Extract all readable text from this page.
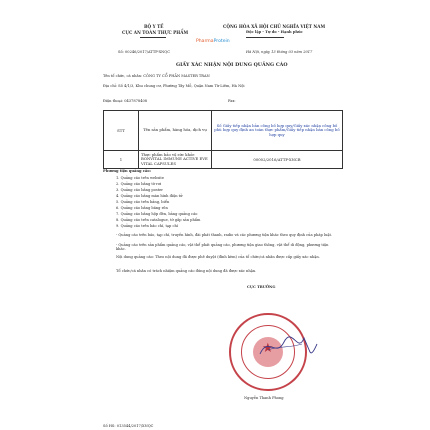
BỘ Y TẾ
CỤC AN TOÀN THỰC PHẨM
CỘNG HÒA XÃ HỘI CHỦ NGHĨA VIỆT NAM
Độc lập - Tự do - Hạnh phúc
PharmaProtein
Số: 00246/2017/ATTP-XNQC	Hà Nội, ngày 13 tháng 03 năm 2017
GIẤY XÁC NHẬN NỘI DUNG QUẢNG CÁO
Tên tổ chức, cá nhân: CÔNG TY CỔ PHẦN MASTER TRAN
Địa chỉ: Số 4/1/3, Khu chung cư, Phường Tây Mỗ, Quận Nam Từ Liêm, Hà Nội
Điện thoại: 0437878408	Fax:
STT	Tên sản phẩm, hàng hóa, dịch vụ	Số Giấy tiếp nhận bản công bố hợp quy/Giấy xác nhận công bố phù hợp quy định an toàn thực phẩm/Giấy tiếp nhận bản công bố hợp quy
1	Thực phẩm bảo vệ sức khỏe BONVITAL IMMUNE ACTIVE EVE VITAL CAPSULES	00002/2016/ATTP-XNCB
Phương tiện quảng cáo:
1. Quảng cáo trên website
2. Quảng cáo bằng tờ rơi
3. Quảng cáo bằng poster
4. Quảng cáo bằng màn hình điện tử
5. Quảng cáo trên bảng, biển
6. Quảng cáo bằng băng rôn
7. Quảng cáo bằng hộp đèn, bảng quảng cáo
8. Quảng cáo trên catalogue, tờ gấp sản phẩm
9. Quảng cáo trên báo chí, tạp chí
- Quảng cáo trên báo, tạp chí, truyền hình, đài phát thanh, radio và các phương tiện khác theo quy định của pháp luật.
- Quảng cáo trên sản phẩm quảng cáo, vật thể phát quảng cáo, phương tiện giao thông, vật thể di động, phương tiện khác.
Nội dung quảng cáo: Theo nội dung đã được phê duyệt (đính kèm) của tổ chức/cá nhân được cấp giấy xác nhận.
Tổ chức/cá nhân có trách nhiệm quảng cáo đúng nội dung đã được xác nhận.
CỤC TRƯỞNG
★
Nguyễn Thanh Phong
Số HS: 013544/2017/XNQC
